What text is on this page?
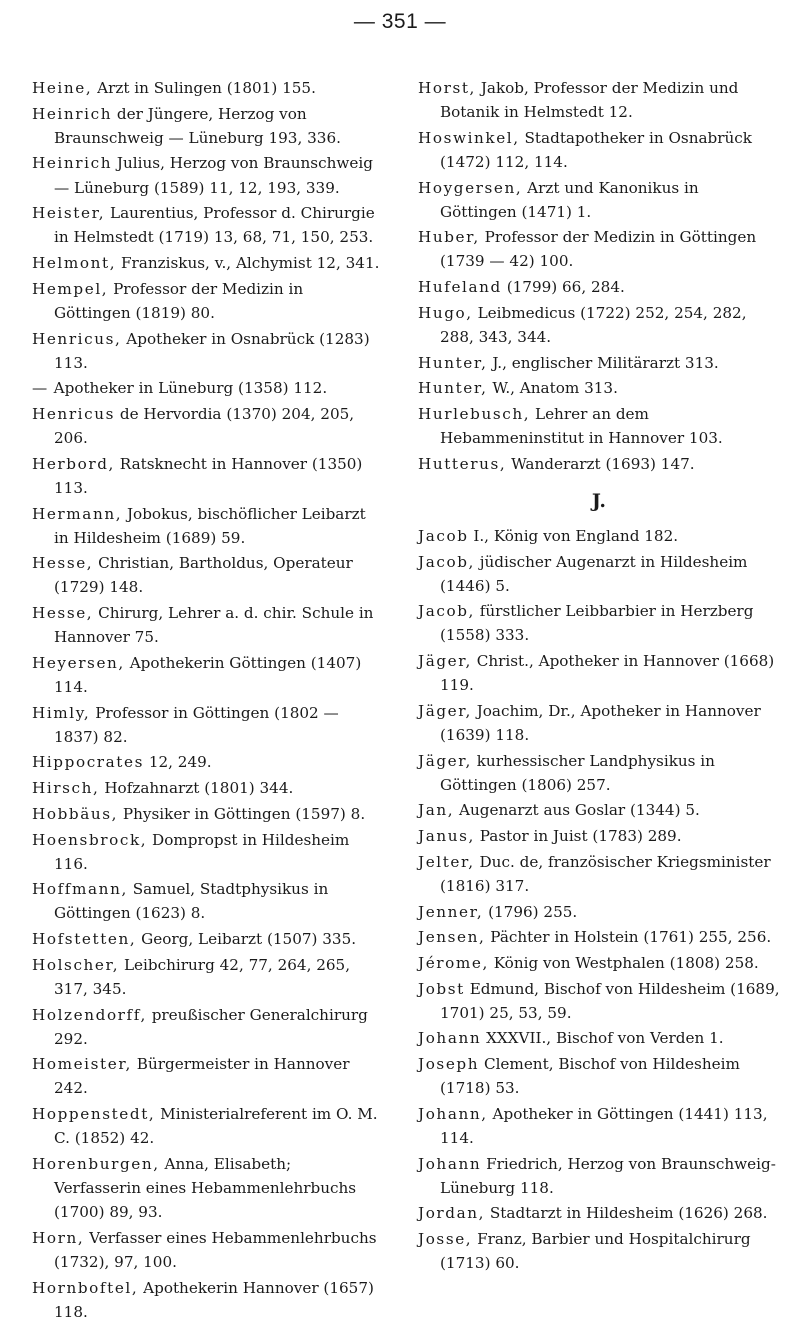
— 351 —
Heine, Arzt in Sulingen (1801) 155.
Heinrich der Jüngere, Herzog von Braunschweig — Lüneburg 193, 336.
Heinrich Julius, Herzog von Braunschweig — Lüneburg (1589) 11, 12, 193, 339.
Heister, Laurentius, Professor d. Chirurgie in Helmstedt (1719) 13, 68, 71, 150, 253.
Helmont, Franziskus, v., Alchymist 12, 341.
Hempel, Professor der Medizin in Göttingen (1819) 80.
Henricus, Apotheker in Osnabrück (1283) 113.
— Apotheker in Lüneburg (1358) 112.
Henricus de Hervordia (1370) 204, 205, 206.
Herbord, Ratsknecht in Hannover (1350) 113.
Hermann, Jobokus, bischöflicher Leibarzt in Hildesheim (1689) 59.
Hesse, Christian, Bartholdus, Operateur (1729) 148.
Hesse, Chirurg, Lehrer a. d. chir. Schule in Hannover 75.
Heyersen, Apothekerin Göttingen (1407) 114.
Himly, Professor in Göttingen (1802 — 1837) 82.
Hippocrates 12, 249.
Hirsch, Hofzahnarzt (1801) 344.
Hobbäus, Physiker in Göttingen (1597) 8.
Hoensbrock, Dompropst in Hildesheim 116.
Hoffmann, Samuel, Stadtphysikus in Göttingen (1623) 8.
Hofstetten, Georg, Leibarzt (1507) 335.
Holscher, Leibchirurg 42, 77, 264, 265, 317, 345.
Holzendorff, preußischer Generalchirurg 292.
Homeister, Bürgermeister in Hannover 242.
Hoppenstedt, Ministerialreferent im O. M. C. (1852) 42.
Horenburgen, Anna, Elisabeth; Verfasserin eines Hebammenlehrbuchs (1700) 89, 93.
Horn, Verfasser eines Hebammenlehrbuchs (1732), 97, 100.
Hornboftel, Apothekerin Hannover (1657) 118.
Horst, Jakob, Professor der Medizin und Botanik in Helmstedt 12.
Hoswinkel, Stadtapotheker in Osnabrück (1472) 112, 114.
Hoygersen, Arzt und Kanonikus in Göttingen (1471) 1.
Huber, Professor der Medizin in Göttingen (1739 — 42) 100.
Hufeland (1799) 66, 284.
Hugo, Leibmedicus (1722) 252, 254, 282, 288, 343, 344.
Hunter, J., englischer Militärarzt 313.
Hunter, W., Anatom 313.
Hurlebusch, Lehrer an dem Hebammeninstitut in Hannover 103.
Hutterus, Wanderarzt (1693) 147.
J.
Jacob I., König von England 182.
Jacob, jüdischer Augenarzt in Hildesheim (1446) 5.
Jacob, fürstlicher Leibbarbier in Herzberg (1558) 333.
Jäger, Christ., Apotheker in Hannover (1668) 119.
Jäger, Joachim, Dr., Apotheker in Hannover (1639) 118.
Jäger, kurhessischer Landphysikus in Göttingen (1806) 257.
Jan, Augenarzt aus Goslar (1344) 5.
Janus, Pastor in Juist (1783) 289.
Jelter, Duc. de, französischer Kriegsminister (1816) 317.
Jenner, (1796) 255.
Jensen, Pächter in Holstein (1761) 255, 256.
Jérome, König von Westphalen (1808) 258.
Jobst Edmund, Bischof von Hildesheim (1689, 1701) 25, 53, 59.
Johann XXXVII., Bischof von Verden 1.
Joseph Clement, Bischof von Hildesheim (1718) 53.
Johann, Apotheker in Göttingen (1441) 113, 114.
Johann Friedrich, Herzog von Braunschweig-Lüneburg 118.
Jordan, Stadtarzt in Hildesheim (1626) 268.
Josse, Franz, Barbier und Hospitalchirurg (1713) 60.
